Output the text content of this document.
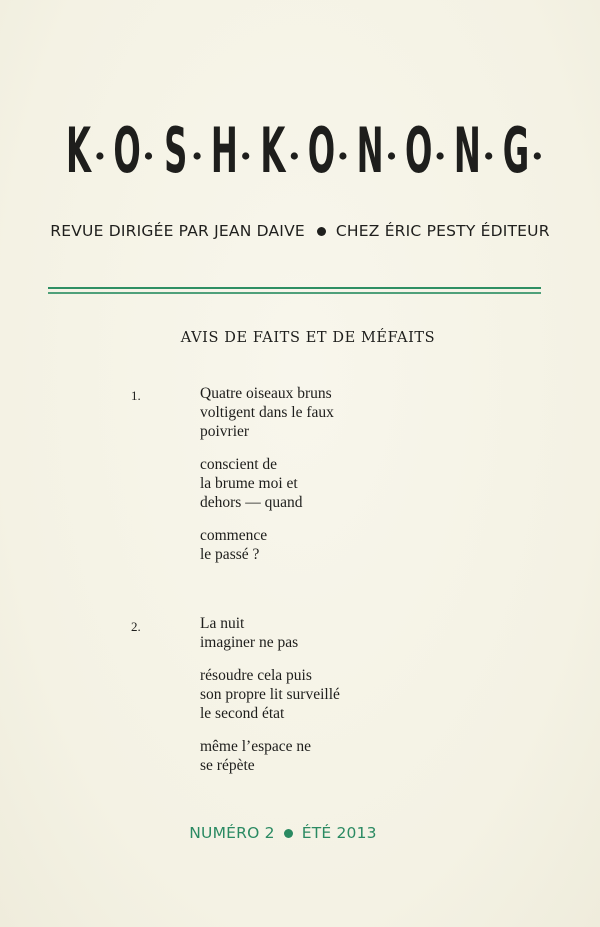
K O S H K O N O N G
REVUE DIRIGÉE PAR JEAN DAIVE CHEZ ÉRIC PESTY ÉDITEUR
AVIS DE FAITS ET DE MÉFAITS
1.	Quatre oiseaux bruns
voltigent dans le faux
poivrier
conscient de
la brume moi et
dehors — quand
commence
le passé ?
2.	La nuit
imaginer ne pas
résoudre cela puis
son propre lit surveillé
le second état
même l’espace ne
se répète
NUMÉRO 2 ÉTÉ 2013
